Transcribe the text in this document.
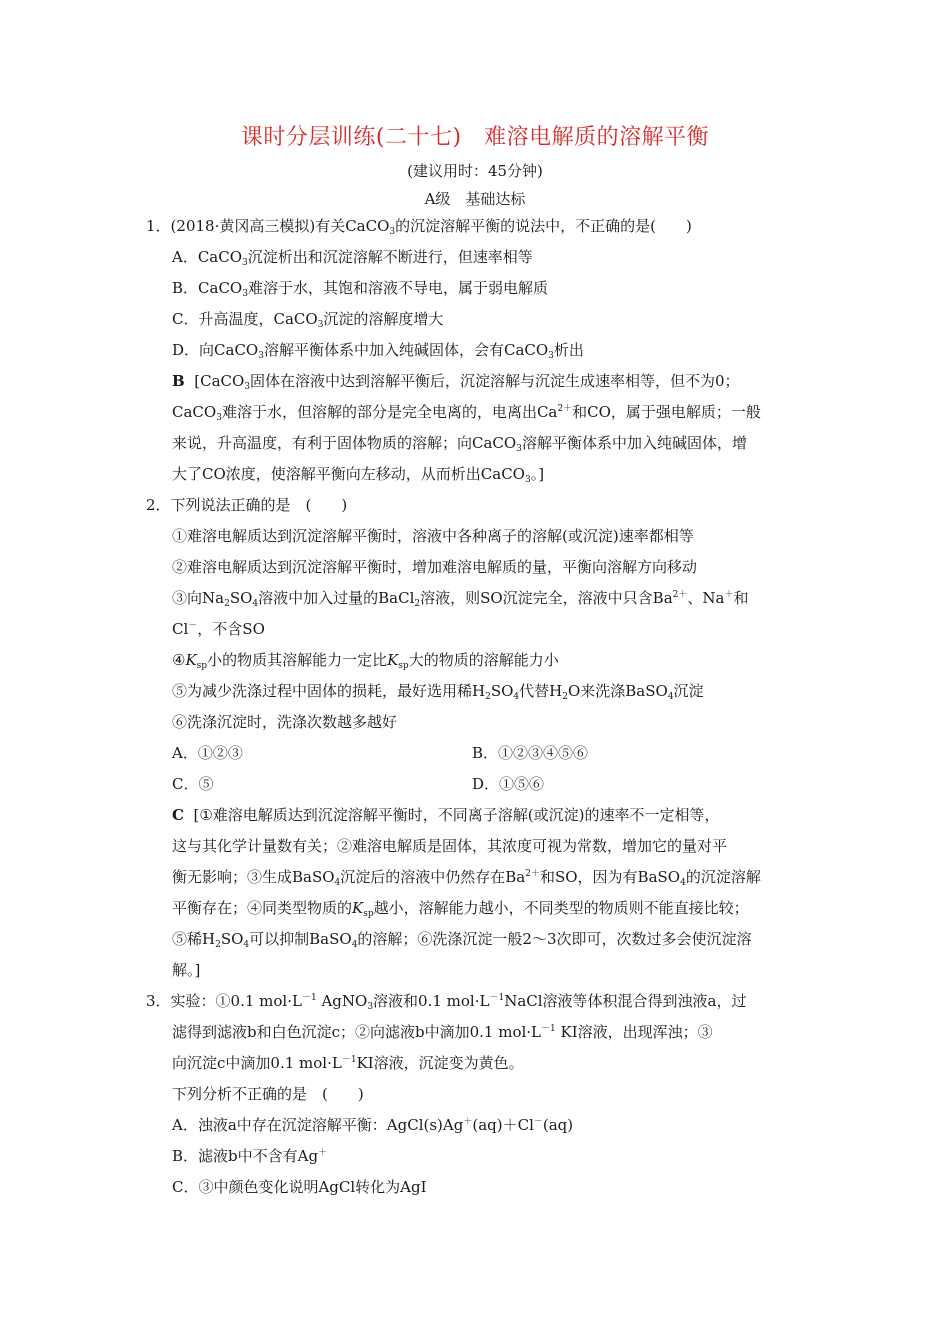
课时分层训练(二十七)　难溶电解质的溶解平衡
(建议用时：45分钟)
A级　基础达标
1．(2018·黄冈高三模拟)有关CaCO$_3$的沉淀溶解平衡的说法中，不正确的是(　　)
A．CaCO$_3$沉淀析出和沉淀溶解不断进行，但速率相等
B．CaCO$_3$难溶于水，其饱和溶液不导电，属于弱电解质
C．升高温度，CaCO$_3$沉淀的溶解度增大
D．向CaCO$_3$溶解平衡体系中加入纯碱固体，会有CaCO$_3$析出
B [CaCO$_3$固体在溶液中达到溶解平衡后，沉淀溶解与沉淀生成速率相等，但不为0；
CaCO$_3$难溶于水，但溶解的部分是完全电离的，电离出$Ca^{2+}$和CO，属于强电解质；一般
来说，升高温度，有利于固体物质的溶解；向CaCO$_3$溶解平衡体系中加入纯碱固体，增
大了CO浓度，使溶解平衡向左移动，从而析出CaCO$_3$。]
2．下列说法正确的是　(　　)
①难溶电解质达到沉淀溶解平衡时，溶液中各种离子的溶解(或沉淀)速率都相等
②难溶电解质达到沉淀溶解平衡时，增加难溶电解质的量，平衡向溶解方向移动
③向$Na_2SO_4$溶液中加入过量的BaCl$_2$溶液，则SO沉淀完全，溶液中只含$Ba^{2+}$、Na＋和
Cl－，不含SO
$④K_{sp}$小的物质其溶解能力一定比$K_{sp}$大的物质的溶解能力小
⑤为减少洗涤过程中固体的损耗，最好选用稀$H_2SO_4$代替$H_2O$来洗涤BaSO$_4$沉淀
⑥洗涤沉淀时，洗涤次数越多越好
A．①②③	B．①②③④⑤⑥
C．⑤	D．①⑤⑥
C [①难溶电解质达到沉淀溶解平衡时，不同离子溶解(或沉淀)的速率不一定相等，
这与其化学计量数有关；②难溶电解质是固体，其浓度可视为常数，增加它的量对平
衡无影响；③生成BaSO$_4$沉淀后的溶液中仍然存在$Ba^{2+}$和SO，因为有BaSO$_4$的沉淀溶解
平衡存在；④同类型物质的$K_{sp}$越小，溶解能力越小，不同类型的物质则不能直接比较；
⑤稀$H_2SO_4$可以抑制BaSO$_4$的溶解；⑥洗涤沉淀一般2～3次即可，次数过多会使沉淀溶
解。]
3．实验：①0.1 $mol\cdot L^{-1}$ AgNO$_3$溶液和0.1 $mol\cdot L^{-1}NaCl$溶液等体积混合得到浊液a，过
滤得到滤液b和白色沉淀c；②向滤液b中滴加0.1 $mol\cdot L^{-1}$ KI溶液，出现浑浊；③
向沉淀c中滴加0.1 $mol\cdot L^{-1}KI$溶液，沉淀变为黄色。
下列分析不正确的是　(　　)
A．浊液a中存在沉淀溶解平衡：AgCl(s)Ag＋(aq)＋Cl－(aq)
B．滤液b中不含有Ag＋
C．③中颜色变化说明AgCl转化为AgI
